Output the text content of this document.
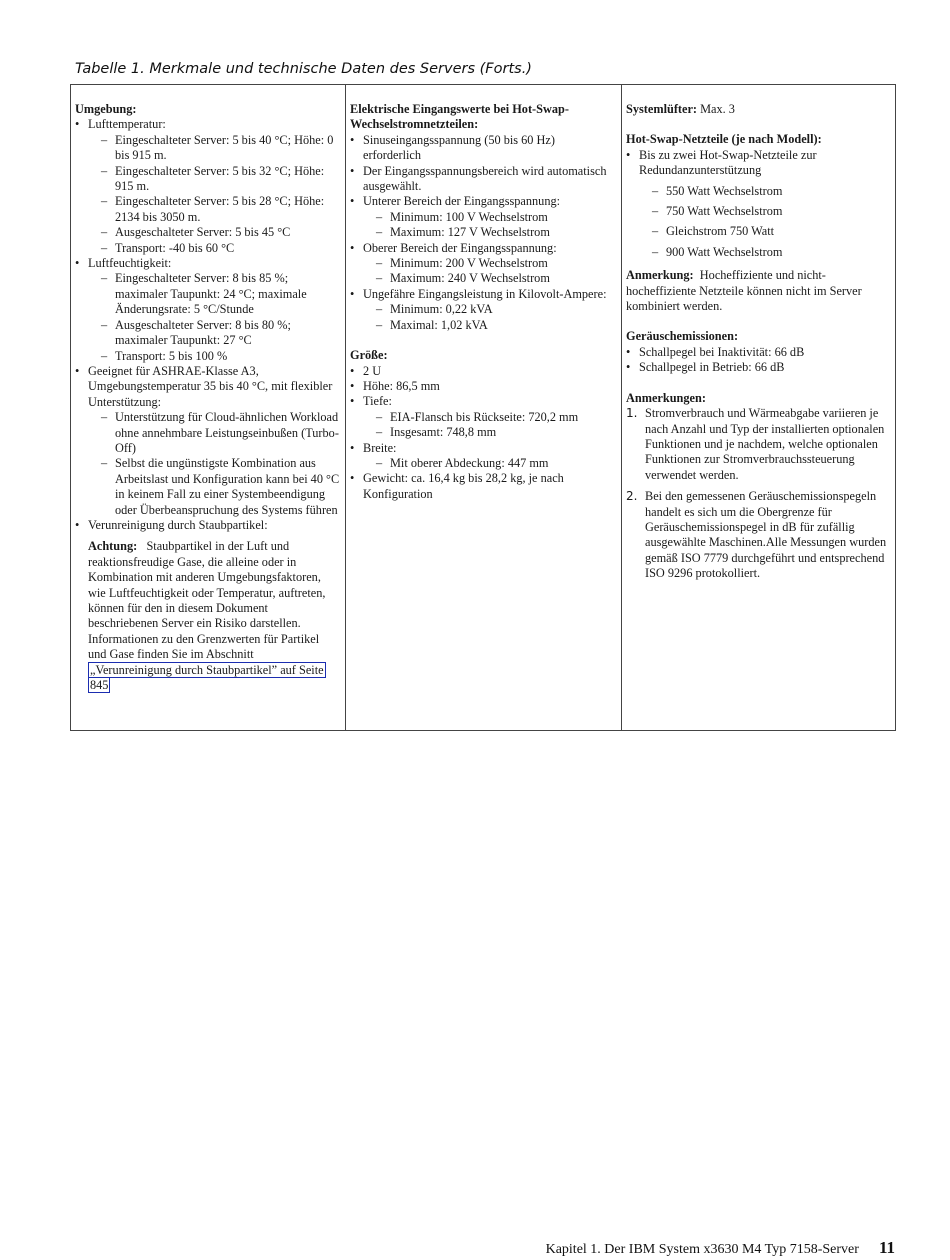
Tabelle 1. Merkmale und technische Daten des Servers (Forts.)

Umgebung:

• Lufttemperatur:
– Eingeschalteter Server: 5 bis 40 °C; Höhe: 0 bis 915 m.
– Eingeschalteter Server: 5 bis 32 °C; Höhe: 915 m.
– Eingeschalteter Server: 5 bis 28 °C; Höhe: 2134 bis 3050 m.
– Ausgeschalteter Server: 5 bis 45 °C
– Transport: -40 bis 60 °C
• Luftfeuchtigkeit:
– Eingeschalteter Server: 8 bis 85 %; maximaler Taupunkt: 24 °C; maximale Änderungsrate: 5 °C/Stunde
– Ausgeschalteter Server: 8 bis 80 %; maximaler Taupunkt: 27 °C
– Transport: 5 bis 100 %
• Geeignet für ASHRAE-Klasse A3, Umgebungstemperatur 35 bis 40 °C, mit flexibler Unterstützung:
– Unterstützung für Cloud-ähnlichen Workload ohne annehmbare Leistungseinbußen (Turbo-Off)
– Selbst die ungünstigste Kombination aus Arbeitslast und Konfiguration kann bei 40 °C in keinem Fall zu einer Systembeendigung oder Überbeanspruchung des Systems führen
• Verunreinigung durch Staubpartikel:
Achtung: Staubpartikel in der Luft und reaktionsfreudige Gase, die alleine oder in Kombination mit anderen Umgebungsfaktoren, wie Luftfeuchtigkeit oder Temperatur, auftreten, können für den in diesem Dokument beschriebenen Server ein Risiko darstellen. Informationen zu den Grenzwerten für Partikel und Gase finden Sie im Abschnitt „Verunreinigung durch Staubpartikel” auf Seite 845

Elektrische Eingangswerte bei Hot-Swap-Wechselstromnetzteilen:

• Sinuseingangsspannung (50 bis 60 Hz) erforderlich
• Der Eingangsspannungsbereich wird automatisch ausgewählt.
• Unterer Bereich der Eingangsspannung:
– Minimum: 100 V Wechselstrom
– Maximum: 127 V Wechselstrom
• Oberer Bereich der Eingangsspannung:
– Minimum: 200 V Wechselstrom
– Maximum: 240 V Wechselstrom
• Ungefähre Eingangsleistung in Kilovolt-Ampere:
– Minimum: 0,22 kVA
– Maximal: 1,02 kVA

Größe:

• 2 U
• Höhe: 86,5 mm
• Tiefe:
– EIA-Flansch bis Rückseite: 720,2 mm
– Insgesamt: 748,8 mm
• Breite:
– Mit oberer Abdeckung: 447 mm
• Gewicht: ca. 16,4 kg bis 28,2 kg, je nach Konfiguration

Systemlüfter: Max. 3

Hot-Swap-Netzteile (je nach Modell):

• Bis zu zwei Hot-Swap-Netzteile zur Redundanzunterstützung
– 550 Watt Wechselstrom
– 750 Watt Wechselstrom
– Gleichstrom 750 Watt
– 900 Watt Wechselstrom

Anmerkung: Hocheffiziente und nicht-hocheffiziente Netzteile können nicht im Server kombiniert werden.

Geräuschemissionen:

• Schallpegel bei Inaktivität: 66 dB
• Schallpegel in Betrieb: 66 dB

Anmerkungen:

1. Stromverbrauch und Wärmeabgabe variieren je nach Anzahl und Typ der installierten optionalen Funktionen und je nachdem, welche optionalen Funktionen zur Stromverbrauchssteuerung verwendet werden.
2. Bei den gemessenen Geräuschemissionspegeln handelt es sich um die Obergrenze für Geräuschemissionspegel in dB für zufällig ausgewählte Maschinen.Alle Messungen wurden gemäß ISO 7779 durchgeführt und entsprechend ISO 9296 protokolliert.
Kapitel 1. Der IBM System x3630 M4 Typ 7158-Server 11
